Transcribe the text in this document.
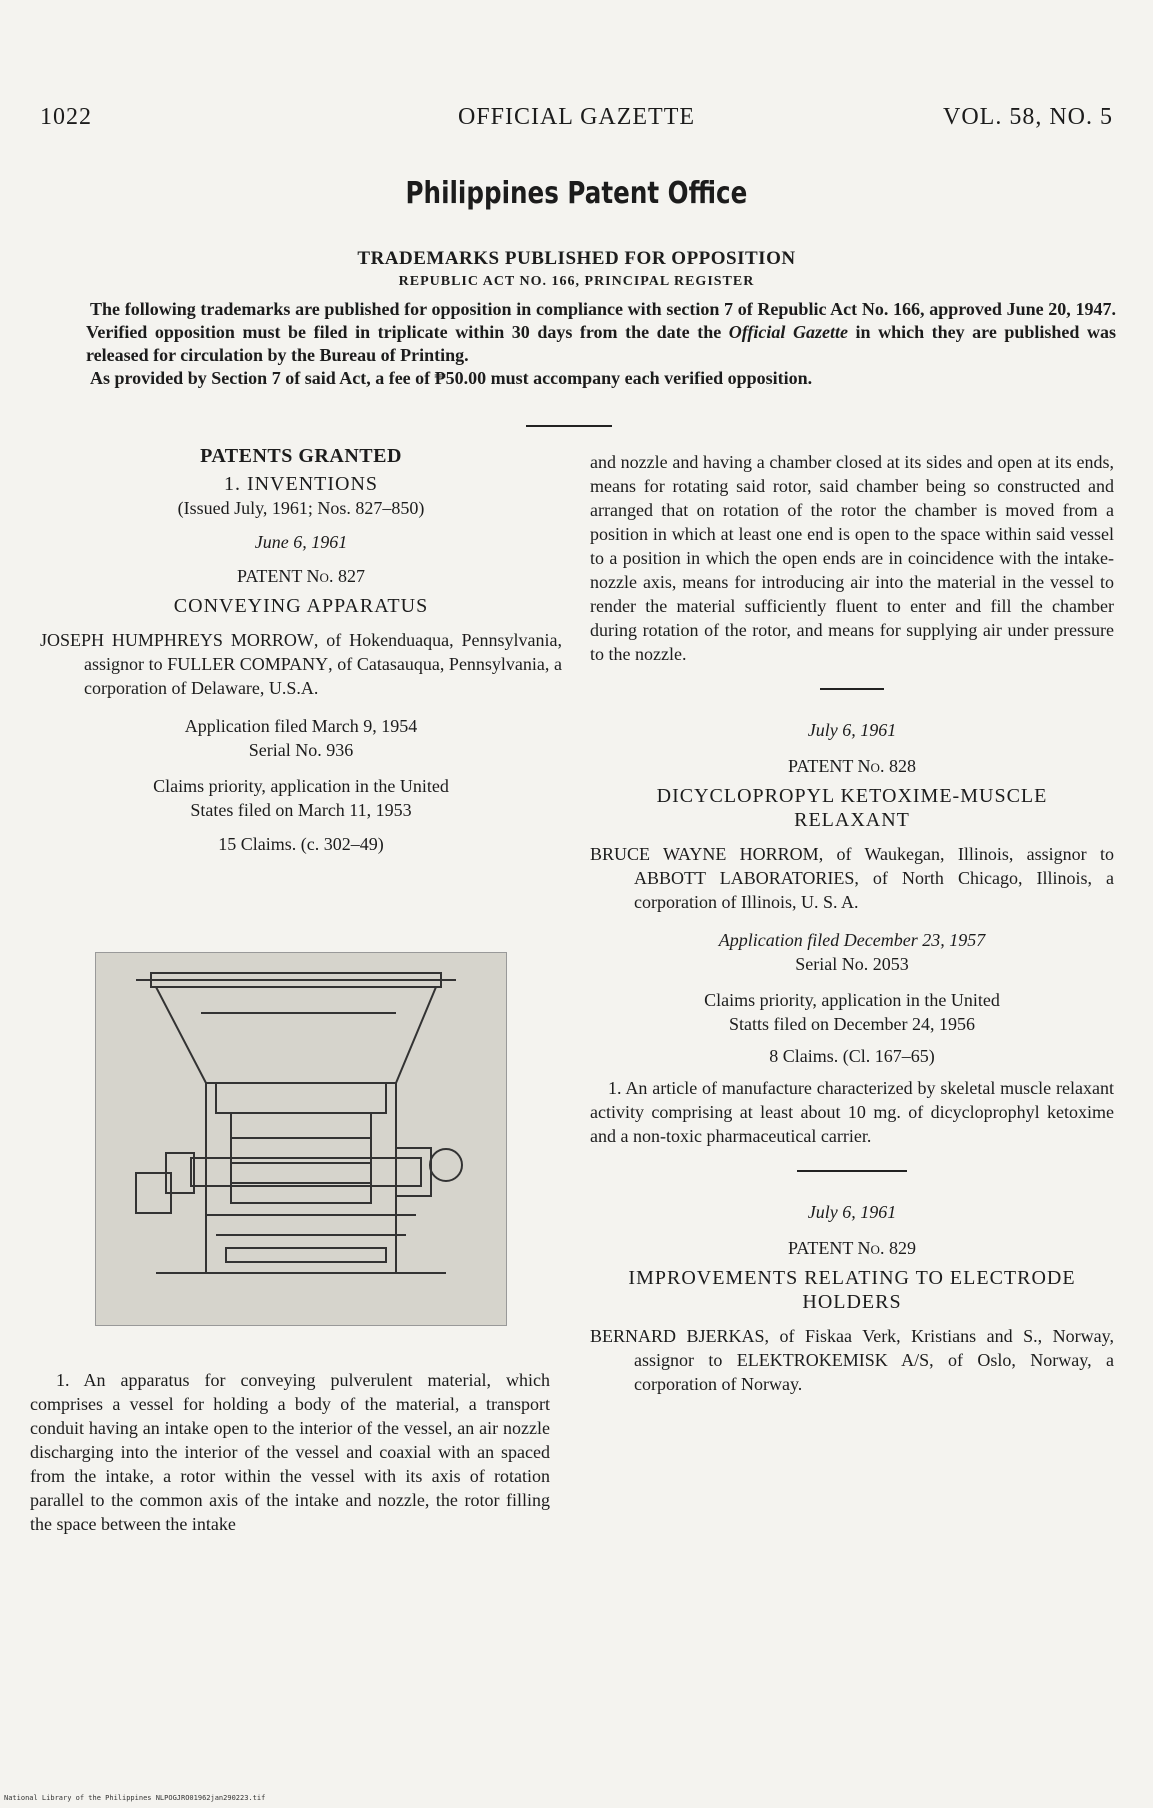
1022	OFFICIAL GAZETTE	VOL. 58, NO. 5
Philippines Patent Office
TRADEMARKS PUBLISHED FOR OPPOSITION
REPUBLIC ACT NO. 166, PRINCIPAL REGISTER

The following trademarks are published for opposition in compliance with section 7 of Republic Act No. 166, approved June 20, 1947. Verified opposition must be filed in triplicate within 30 days from the date the Official Gazette in which they are published was released for circulation by the Bureau of Printing.

As provided by Section 7 of said Act, a fee of ₱50.00 must accompany each verified opposition.

PATENTS GRANTED
1. INVENTIONS
(Issued July, 1961; Nos. 827–850)
June 6, 1961
PATENT No. 827
CONVEYING APPARATUS
JOSEPH HUMPHREYS MORROW, of Hokenduaqua, Pennsylvania, assignor to FULLER COMPANY, of Catasauqua, Pennsylvania, a corporation of Delaware, U.S.A.
Application filed March 9, 1954
Serial No. 936
Claims priority, application in the United
States filed on March 11, 1953
15 Claims. (c. 302–49)
1. An apparatus for conveying pulverulent material, which comprises a vessel for holding a body of the material, a transport conduit having an intake open to the interior of the vessel, an air nozzle discharging into the interior of the vessel and coaxial with an spaced from the intake, a rotor within the vessel with its axis of rotation parallel to the common axis of the intake and nozzle, the rotor filling the space between the intake
and nozzle and having a chamber closed at its sides and open at its ends, means for rotating said rotor, said chamber being so constructed and arranged that on rotation of the rotor the chamber is moved from a position in which at least one end is open to the space within said vessel to a position in which the open ends are in coincidence with the intake-nozzle axis, means for introducing air into the material in the vessel to render the material sufficiently fluent to enter and fill the chamber during rotation of the rotor, and means for supplying air under pressure to the nozzle.
July 6, 1961
PATENT No. 828
DICYCLOPROPYL KETOXIME-MUSCLE
RELAXANT
BRUCE WAYNE HORROM, of Waukegan, Illinois, assignor to ABBOTT LABORATORIES, of North Chicago, Illinois, a corporation of Illinois, U. S. A.
Application filed December 23, 1957
Serial No. 2053
Claims priority, application in the United
Statts filed on December 24, 1956
8 Claims. (Cl. 167–65)
1. An article of manufacture characterized by skeletal muscle relaxant activity comprising at least about 10 mg. of dicycloprophyl ketoxime and a non-toxic pharmaceutical carrier.
July 6, 1961
PATENT No. 829
IMPROVEMENTS RELATING TO ELECTRODE
HOLDERS
BERNARD BJERKAS, of Fiskaa Verk, Kristians and S., Norway, assignor to ELEKTROKEMISK A/S, of Oslo, Norway, a corporation of Norway.
National Library of the Philippines NLPOGJRO01962jan290223.tif
